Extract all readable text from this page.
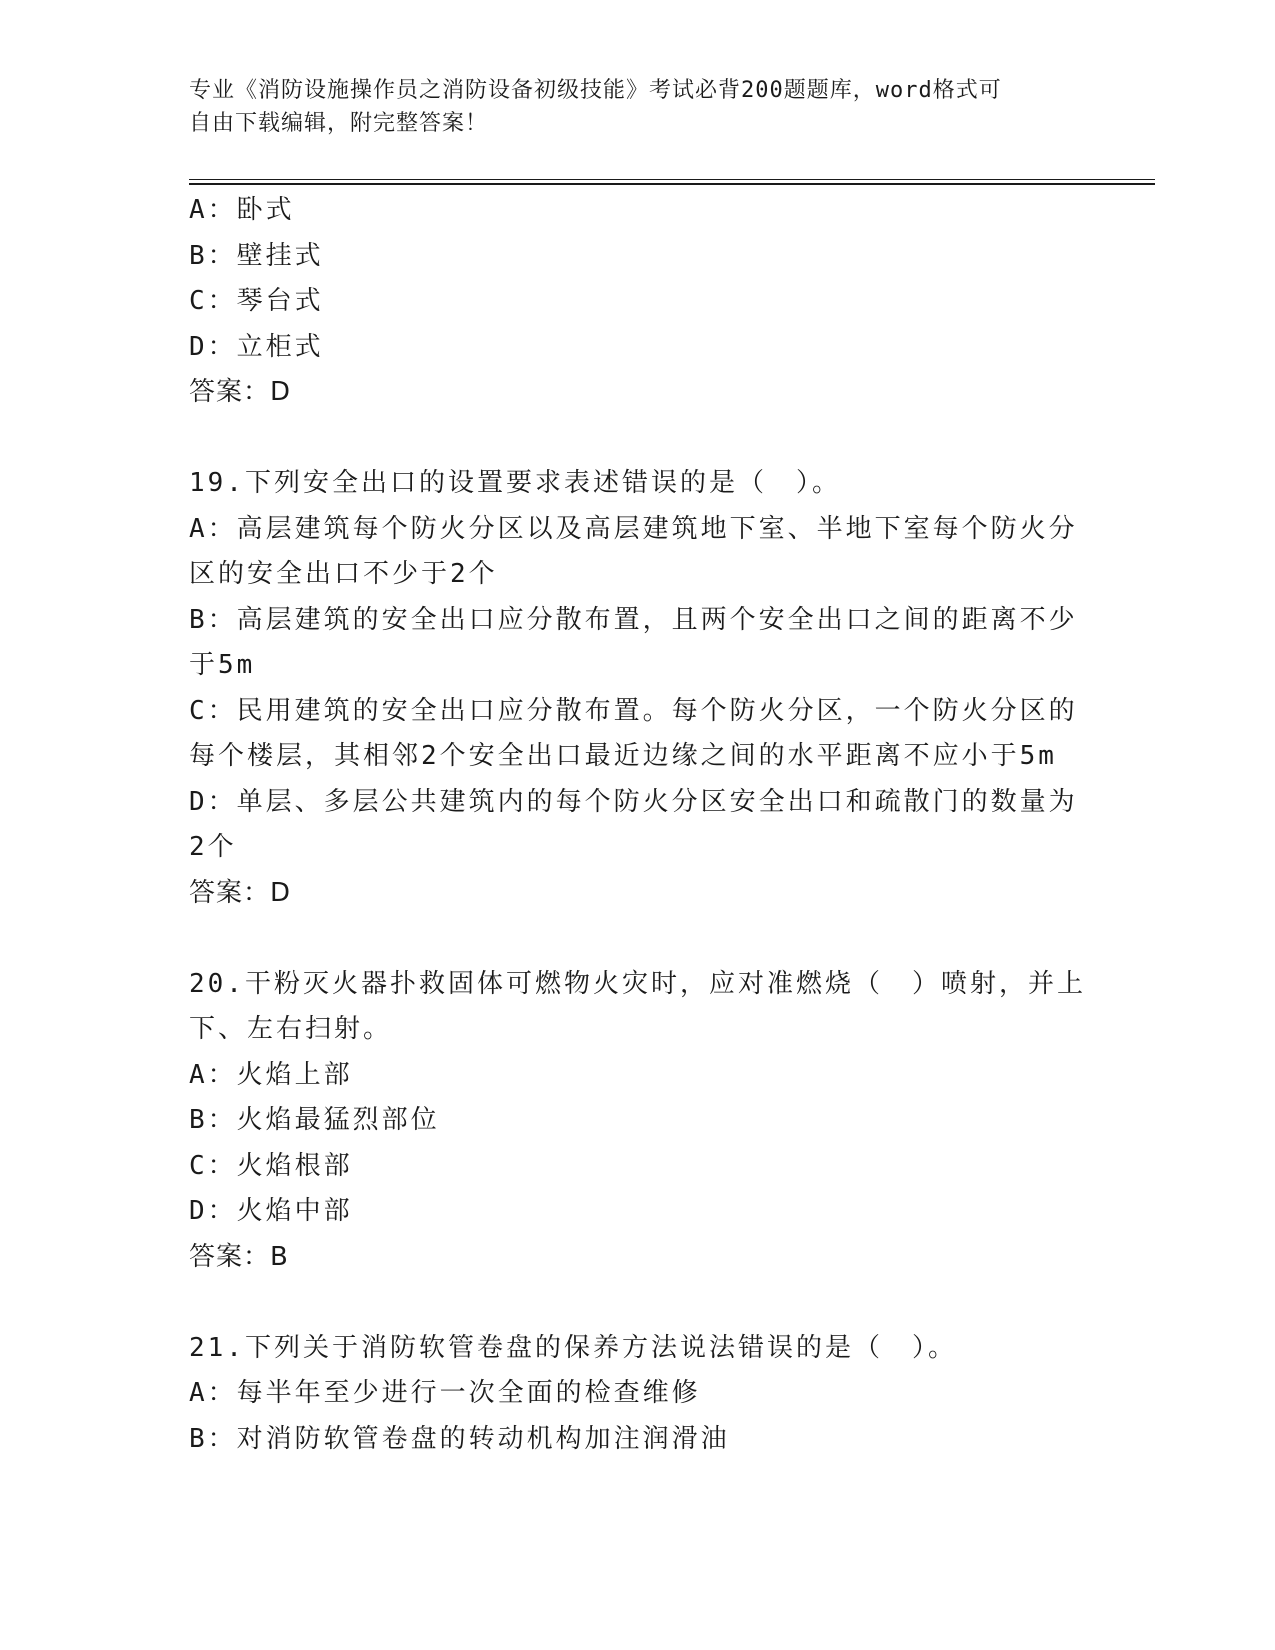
专业《消防设施操作员之消防设备初级技能》考试必背200题题库，word格式可

自由下载编辑，附完整答案！

A：卧式

B：壁挂式

C：琴台式

D：立柜式

答案：D

19.下列安全出口的设置要求表述错误的是（　）。

A：高层建筑每个防火分区以及高层建筑地下室、半地下室每个防火分

区的安全出口不少于2个

B：高层建筑的安全出口应分散布置，且两个安全出口之间的距离不少

于5m

C：民用建筑的安全出口应分散布置。每个防火分区，一个防火分区的

每个楼层，其相邻2个安全出口最近边缘之间的水平距离不应小于5m

D：单层、多层公共建筑内的每个防火分区安全出口和疏散门的数量为

2个

答案：D

20.干粉灭火器扑救固体可燃物火灾时，应对准燃烧（　）喷射，并上

下、左右扫射。

A：火焰上部

B：火焰最猛烈部位

C：火焰根部

D：火焰中部

答案：B

21.下列关于消防软管卷盘的保养方法说法错误的是（　）。

A：每半年至少进行一次全面的检查维修

B：对消防软管卷盘的转动机构加注润滑油
